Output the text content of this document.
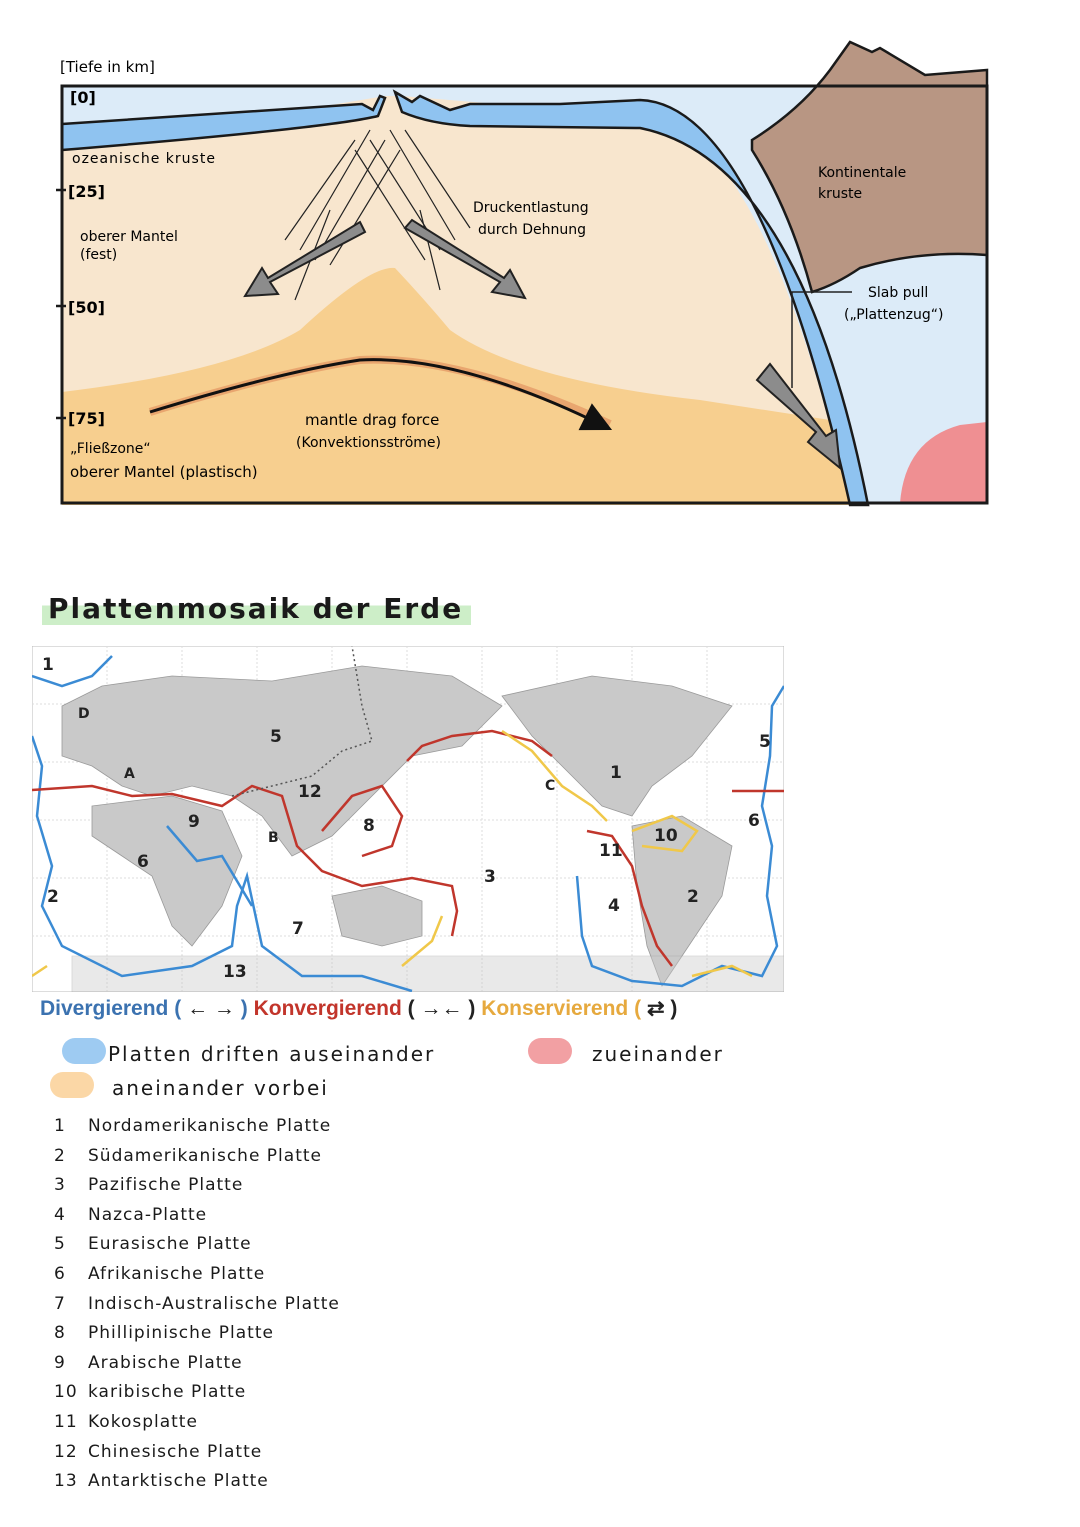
[Tiefe in km]
[0]
[25]
[50]
[75]
ozeanische kruste
oberer Mantel
(fest)
Druckentlastung
durch Dehnung
Kontinentale
kruste
Slab pull
(„Plattenzug“)
mantle drag force
(Konvektionsströme)
„Fließzone“
oberer Mantel (plastisch)
Plattenmosaik der Erde
1
1
2	2
3
4
5	5
6
6
7
8
9
10
11
12
13
A
B
C
D
Divergierend ( ← → ) Konvergierend ( →← ) Konservierend ( ⇄ )
Platten driften auseinander	zueinander
aneinander vorbei
1 Nordamerikanische Platte
2 Südamerikanische Platte
3 Pazifische Platte
4 Nazca-Platte
5 Eurasische Platte
6 Afrikanische Platte
7 Indisch-Australische Platte
8 Phillipinische Platte
9 Arabische Platte
10 karibische Platte
11 Kokosplatte
12 Chinesische Platte
13 Antarktische Platte
